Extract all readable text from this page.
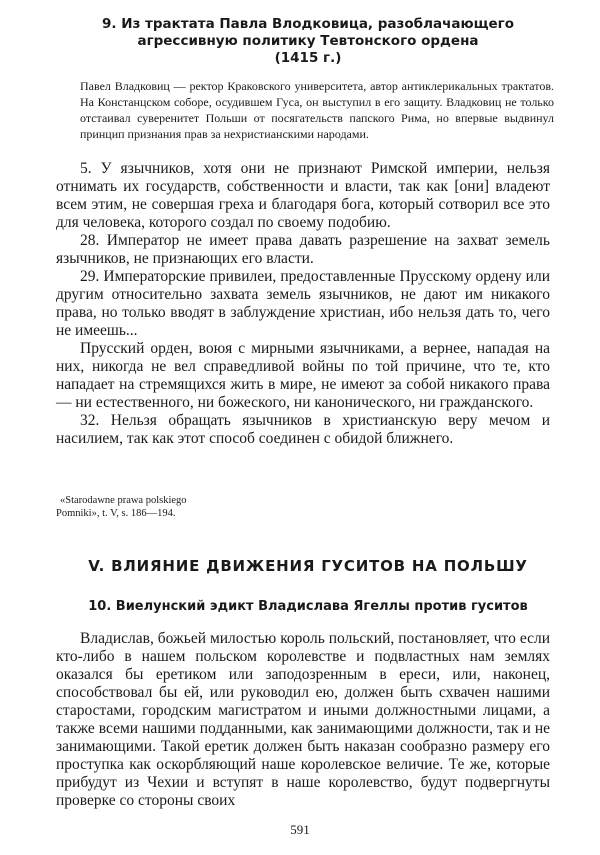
9. Из трактата Павла Влодковица, разоблачающего
агрессивную политику Тевтонского ордена
(1415 г.)
Павел Владковиц — ректор Краковского университета, автор антиклерикальных трактатов. На Констанцском соборе, осудившем Гуса, он выступил в его защиту. Владковиц не только отстаивал суверенитет Польши от посягательств папского Рима, но впервые выдвинул принцип признания прав за нехристианскими народами.

5. У язычников, хотя они не признают Римской империи, нельзя отнимать их государств, собственности и власти, так как [они] владеют всем этим, не совершая греха и благодаря бога, который сотворил все это для человека, которого создал по своему подобию.

28. Император не имеет права давать разрешение на захват земель язычников, не признающих его власти.

29. Императорские привилеи, предоставленные Прусскому ордену или другим относительно захвата земель язычников, не дают им никакого права, но только вводят в заблуждение христиан, ибо нельзя дать то, чего не имеешь...

Прусский орден, воюя с мирными язычниками, а вернее, нападая на них, никогда не вел справедливой войны по той причине, что те, кто нападает на стремящихся жить в мире, не имеют за собой никакого права — ни естественного, ни божеского, ни канонического, ни гражданского.

32. Нельзя обращать язычников в христианскую веру мечом и насилием, так как этот способ соединен с обидой ближнего.

«Starodawne prawa polskiego
Pomniki», t. V, s. 186—194.
V. ВЛИЯНИЕ ДВИЖЕНИЯ ГУСИТОВ НА ПОЛЬШУ
10. Виелунский эдикт Владислава Ягеллы против гуситов

Владислав, божьей милостью король польский, постановляет, что если кто-либо в нашем польском королевстве и подвластных нам землях оказался бы еретиком или заподозренным в ереси, или, наконец, способствовал бы ей, или руководил ею, должен быть схвачен нашими старостами, городским магистратом и иными должностными лицами, а также всеми нашими подданными, как занимающими должности, так и не занимающими. Такой еретик должен быть наказан сообразно размеру его проступка как оскорбляющий наше королевское величие. Те же, которые прибудут из Чехии и вступят в наше королевство, будут подвергнуты проверке со стороны своих

591
